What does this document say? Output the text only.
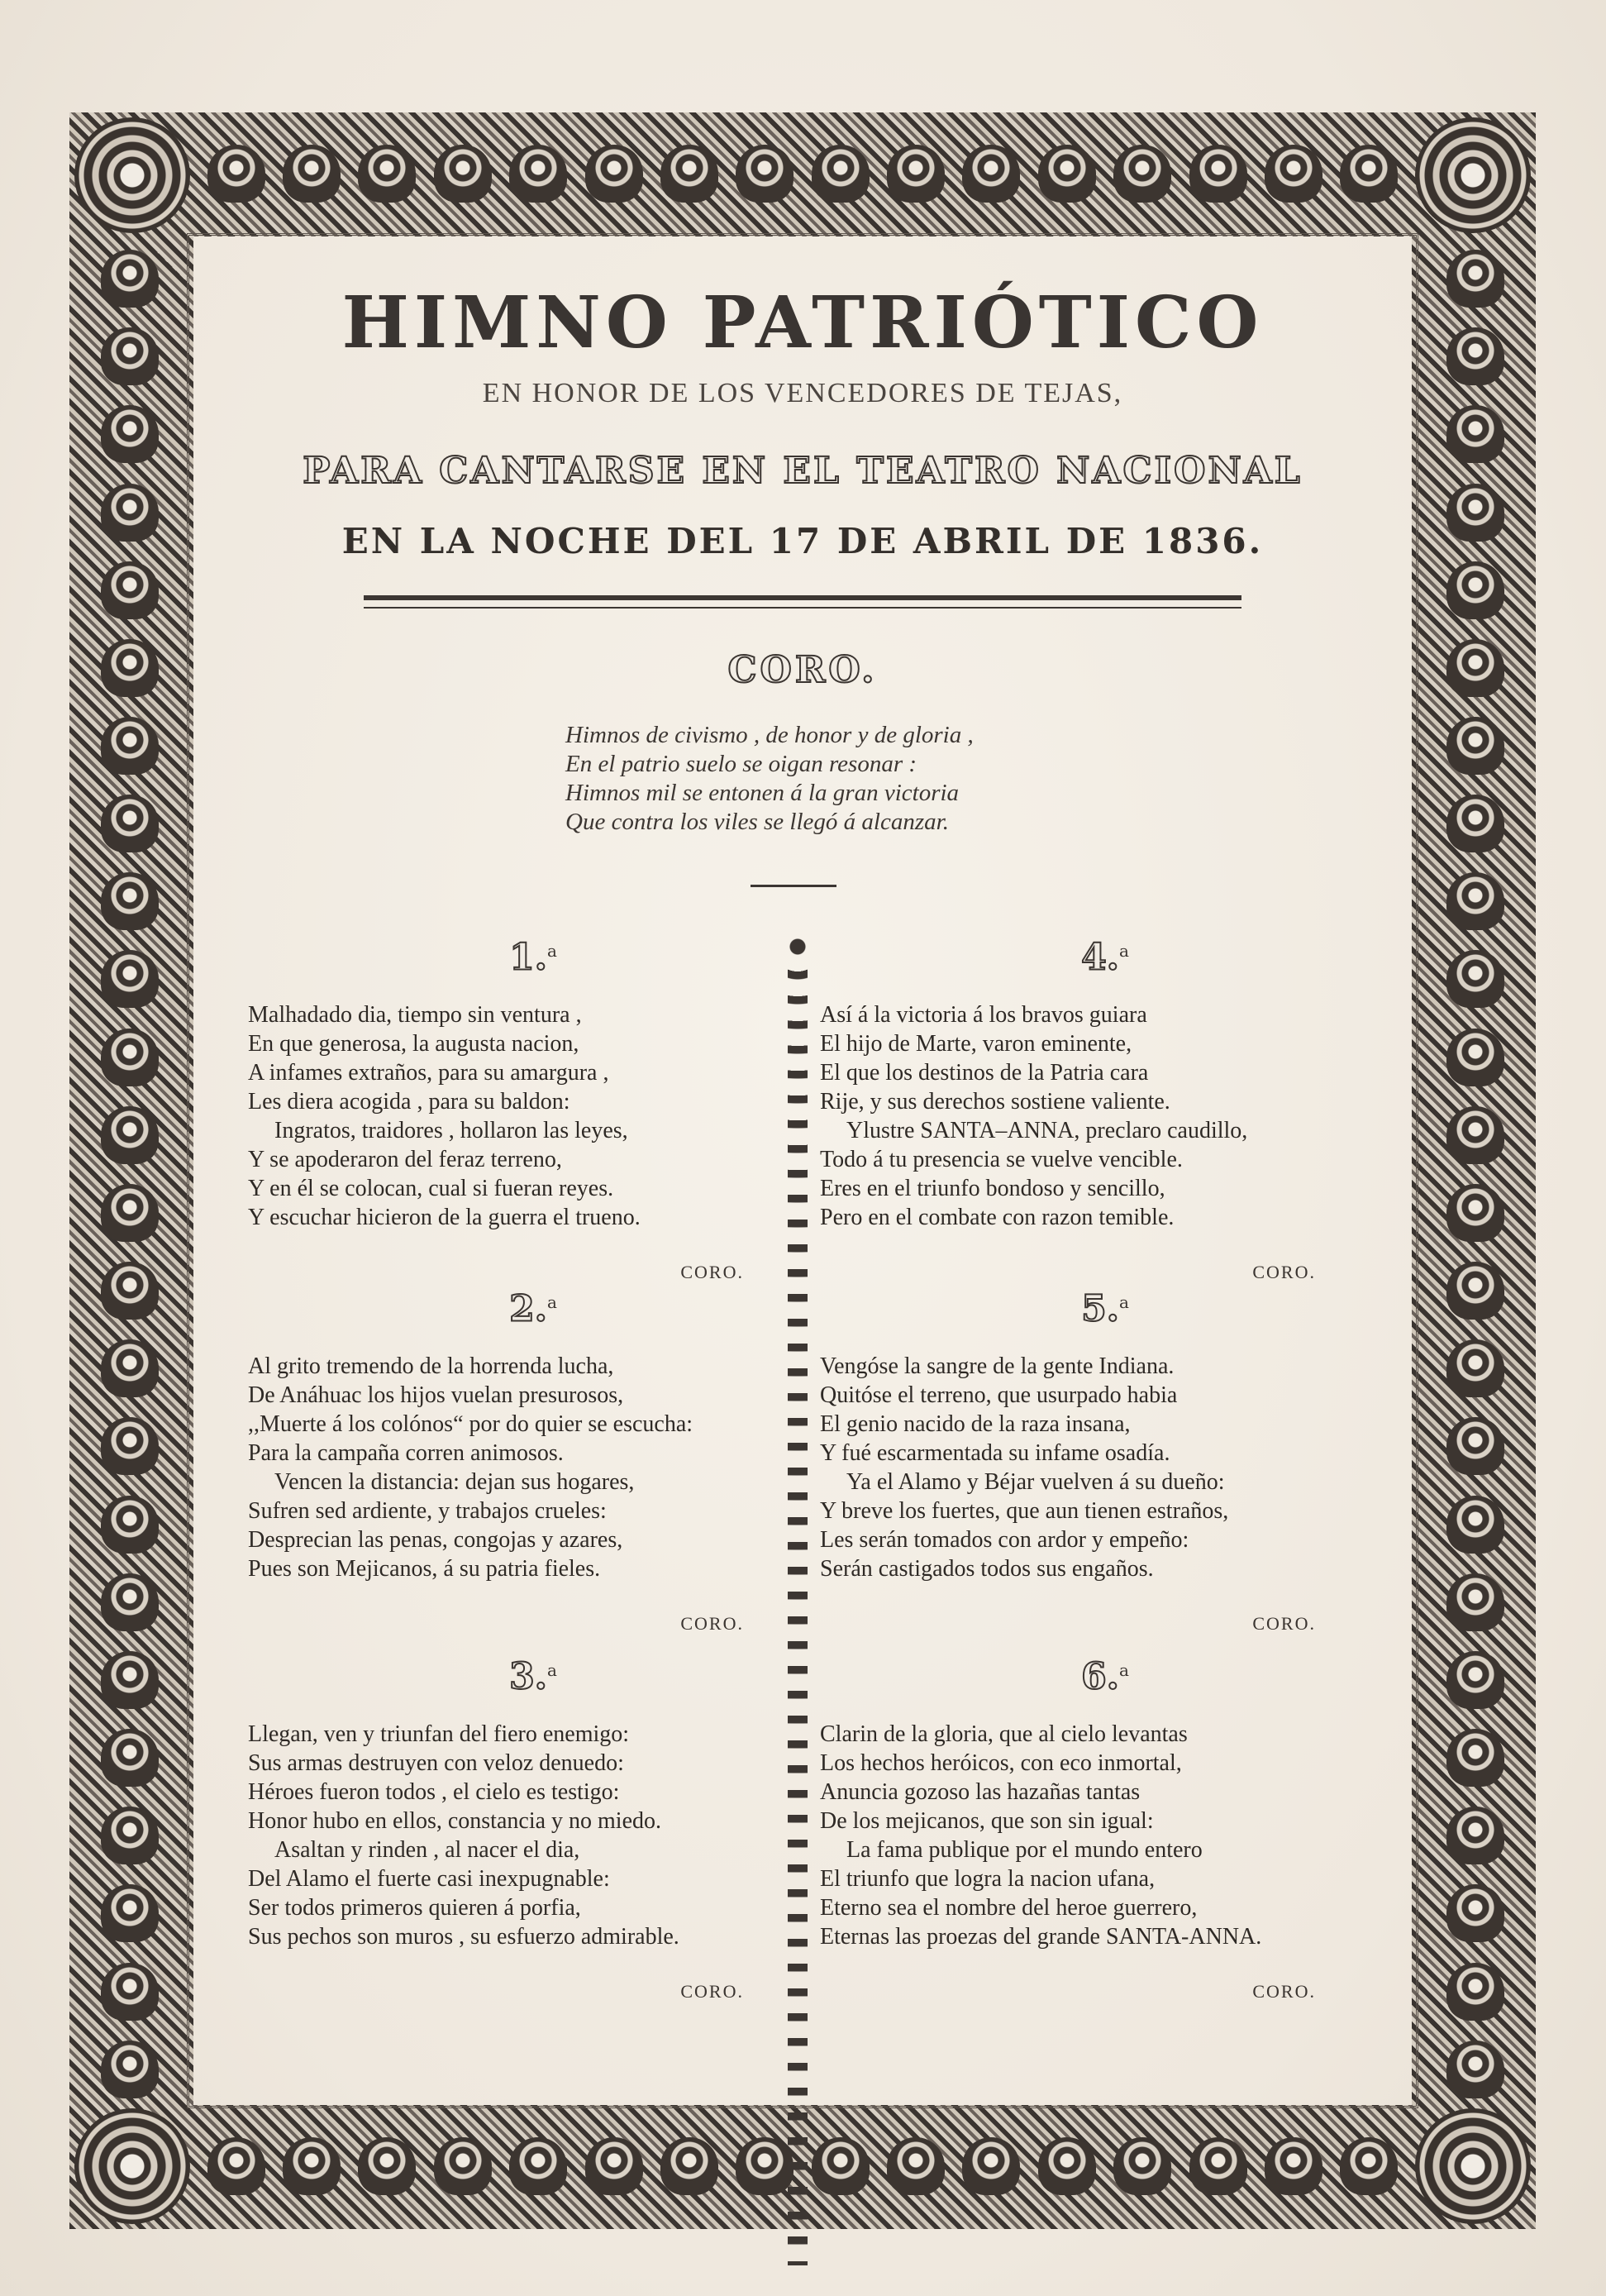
HIMNO PATRIÓTICO
EN HONOR DE LOS VENCEDORES DE TEJAS,
PARA CANTARSE EN EL TEATRO NACIONAL
EN LA NOCHE DEL 17 DE ABRIL DE 1836.
CORO.
Himnos de civismo , de honor y de gloria ,
En el patrio suelo se oigan resonar :
Himnos mil se entonen á la gran victoria
Que contra los viles se llegó á alcanzar.
1.$^a$
Malhadado dia, tiempo sin ventura ,
En que generosa, la augusta nacion,
A infames extraños, para su amargura ,
Les diera acogida , para su baldon:
Ingratos, traidores , hollaron las leyes,
Y se apoderaron del feraz terreno,
Y en él se colocan, cual si fueran reyes.
Y escuchar hicieron de la guerra el trueno.
CORO.
2.$^a$
Al grito tremendo de la horrenda lucha,
De Anáhuac los hijos vuelan presurosos,
,,Muerte á los colónos“ por do quier se escucha:
Para la campaña corren animosos.
Vencen la distancia: dejan sus hogares,
Sufren sed ardiente, y trabajos crueles:
Desprecian las penas, congojas y azares,
Pues son Mejicanos, á su patria fieles.
CORO.
3.$^a$
Llegan, ven y triunfan del fiero enemigo:
Sus armas destruyen con veloz denuedo:
Héroes fueron todos , el cielo es testigo:
Honor hubo en ellos, constancia y no miedo.
Asaltan y rinden , al nacer el dia,
Del Alamo el fuerte casi inexpugnable:
Ser todos primeros quieren á porfia,
Sus pechos son muros , su esfuerzo admirable.
CORO.
4.$^a$
Así á la victoria á los bravos guiara
El hijo de Marte, varon eminente,
El que los destinos de la Patria cara
Rije, y sus derechos sostiene valiente.
Ylustre SANTA–ANNA, preclaro caudillo,
Todo á tu presencia se vuelve vencible.
Eres en el triunfo bondoso y sencillo,
Pero en el combate con razon temible.
CORO.
5.$^a$
Vengóse la sangre de la gente Indiana.
Quitóse el terreno, que usurpado habia
El genio nacido de la raza insana,
Y fué escarmentada su infame osadía.
Ya el Alamo y Béjar vuelven á su dueño:
Y breve los fuertes, que aun tienen estraños,
Les serán tomados con ardor y empeño:
Serán castigados todos sus engaños.
CORO.
6.$^a$
Clarin de la gloria, que al cielo levantas
Los hechos heróicos, con eco inmortal,
Anuncia gozoso las hazañas tantas
De los mejicanos, que son sin igual:
La fama publique por el mundo entero
El triunfo que logra la nacion ufana,
Eterno sea el nombre del heroe guerrero,
Eternas las proezas del grande SANTA-ANNA.
CORO.
